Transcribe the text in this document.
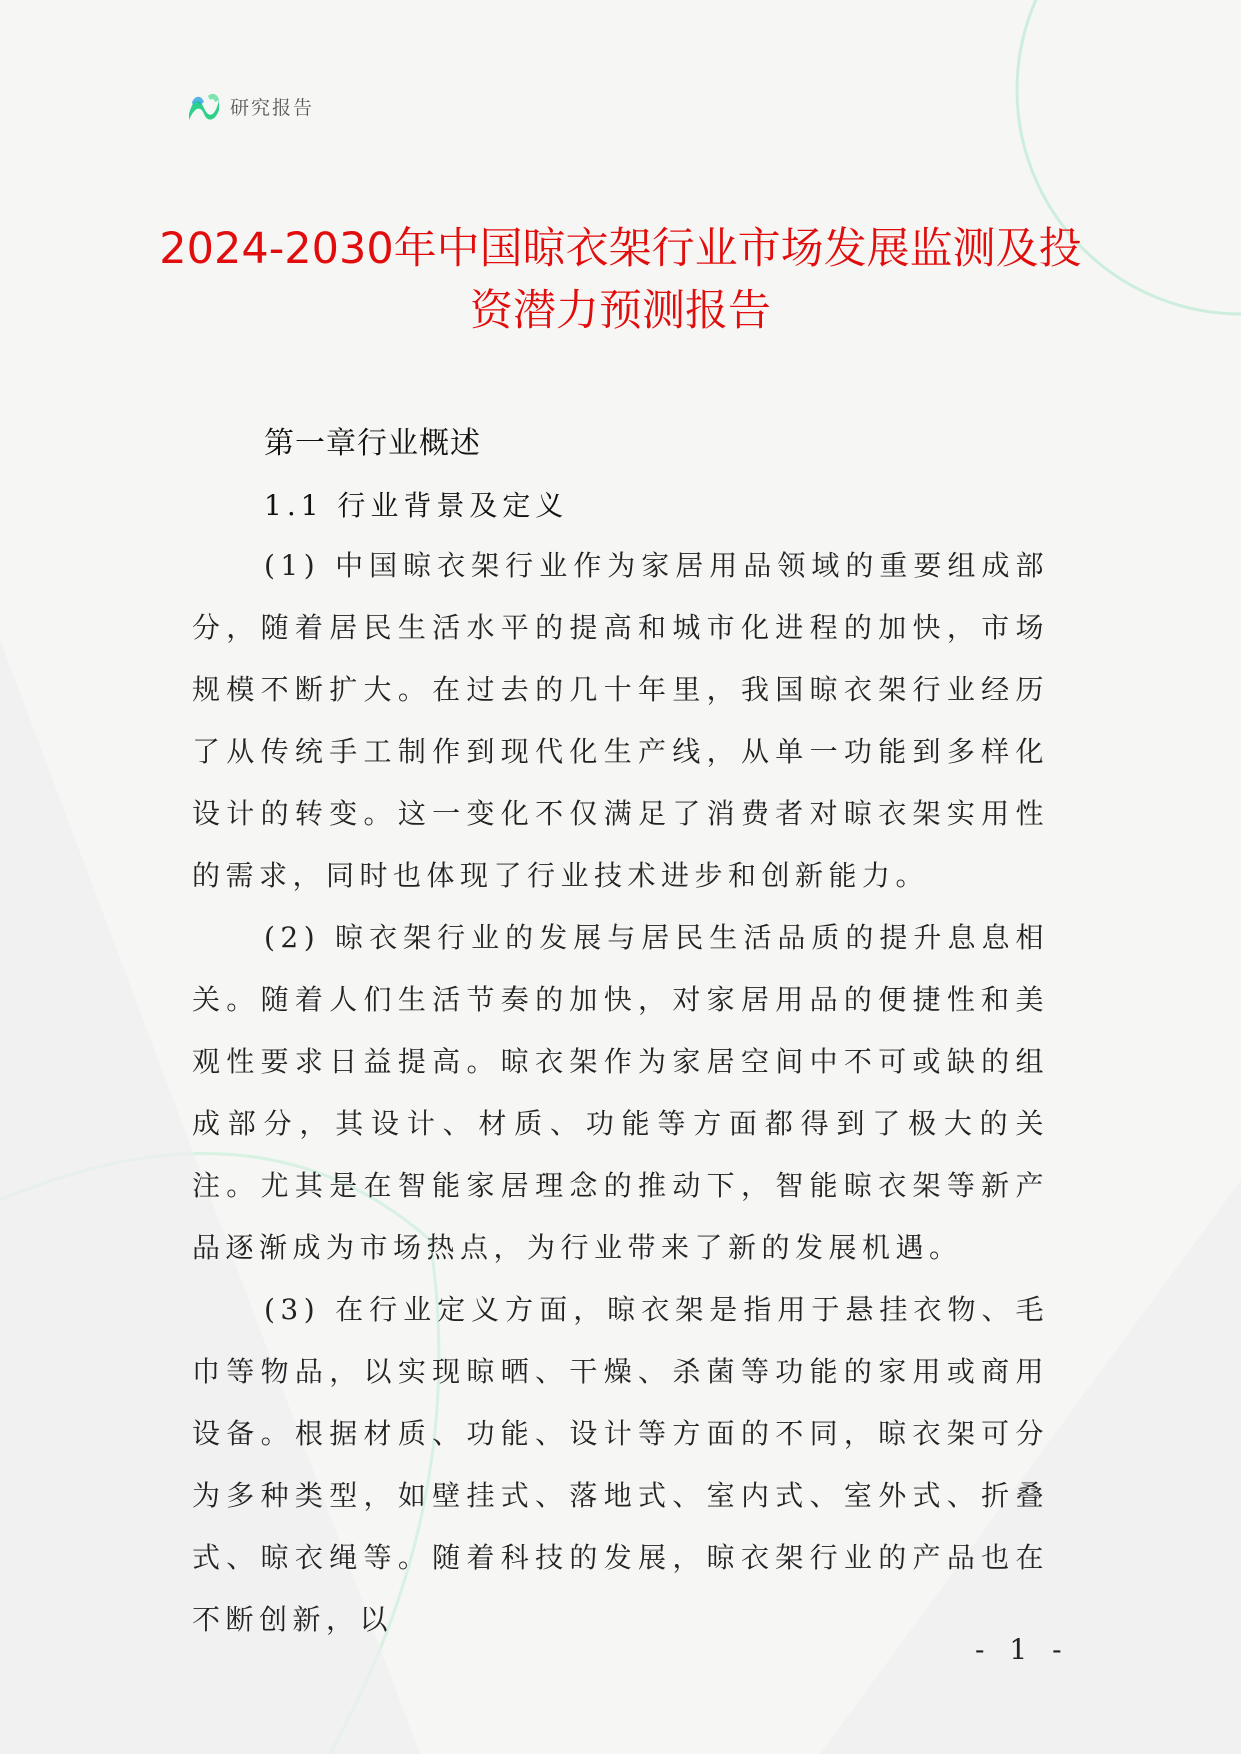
研究报告
2024-2030年中国晾衣架行业市场发展监测及投资潜力预测报告
第一章行业概述
1.1 行业背景及定义

(1) 中国晾衣架行业作为家居用品领域的重要组成部分，随着居民生活水平的提高和城市化进程的加快，市场规模不断扩大。在过去的几十年里，我国晾衣架行业经历了从传统手工制作到现代化生产线，从单一功能到多样化设计的转变。这一变化不仅满足了消费者对晾衣架实用性的需求，同时也体现了行业技术进步和创新能力。

(2) 晾衣架行业的发展与居民生活品质的提升息息相关。随着人们生活节奏的加快，对家居用品的便捷性和美观性要求日益提高。晾衣架作为家居空间中不可或缺的组成部分，其设计、材质、功能等方面都得到了极大的关注。尤其是在智能家居理念的推动下，智能晾衣架等新产品逐渐成为市场热点，为行业带来了新的发展机遇。

(3) 在行业定义方面，晾衣架是指用于悬挂衣物、毛巾等物品，以实现晾晒、干燥、杀菌等功能的家用或商用设备。根据材质、功能、设计等方面的不同，晾衣架可分为多种类型，如壁挂式、落地式、室内式、室外式、折叠式、晾衣绳等。随着科技的发展，晾衣架行业的产品也在不断创新，以

- 1 -
